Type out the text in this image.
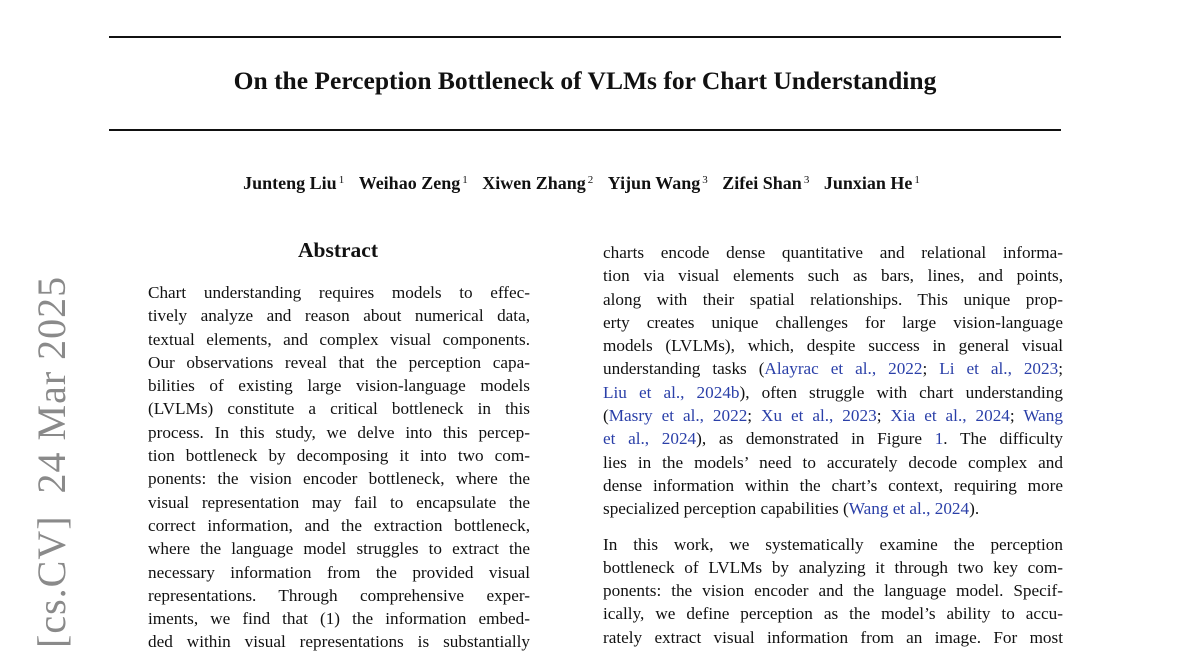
On the Perception Bottleneck of VLMs for Chart Understanding
Junteng Liu $^1$ Weihao Zeng $^1$ Xiwen Zhang $^2$ Yijun Wang $^3$ Zifei Shan $^3$ Junxian He $^1$
[cs.CV]24 Mar 2025
Abstract
Chart understanding requires models to effec-
tively analyze and reason about numerical data,
textual elements, and complex visual components.
Our observations reveal that the perception capa-
bilities of existing large vision-language models
(LVLMs) constitute a critical bottleneck in this
process. In this study, we delve into this percep-
tion bottleneck by decomposing it into two com-
ponents: the vision encoder bottleneck, where the
visual representation may fail to encapsulate the
correct information, and the extraction bottleneck,
where the language model struggles to extract the
necessary information from the provided visual
representations. Through comprehensive exper-
iments, we find that (1) the information embed-
ded within visual representations is substantially
charts encode dense quantitative and relational informa-
tion via visual elements such as bars, lines, and points,
along with their spatial relationships. This unique prop-
erty creates unique challenges for large vision-language
models (LVLMs), which, despite success in general visual
understanding tasks (Alayrac et al., 2022; Li et al., 2023;
Liu et al., 2024b), often struggle with chart understanding
(Masry et al., 2022; Xu et al., 2023; Xia et al., 2024; Wang
et al., 2024), as demonstrated in Figure 1. The difficulty
lies in the models’ need to accurately decode complex and
dense information within the chart’s context, requiring more
specialized perception capabilities (Wang et al., 2024).
In this work, we systematically examine the perception
bottleneck of LVLMs by analyzing it through two key com-
ponents: the vision encoder and the language model. Specif-
ically, we define perception as the model’s ability to accu-
rately extract visual information from an image. For most
